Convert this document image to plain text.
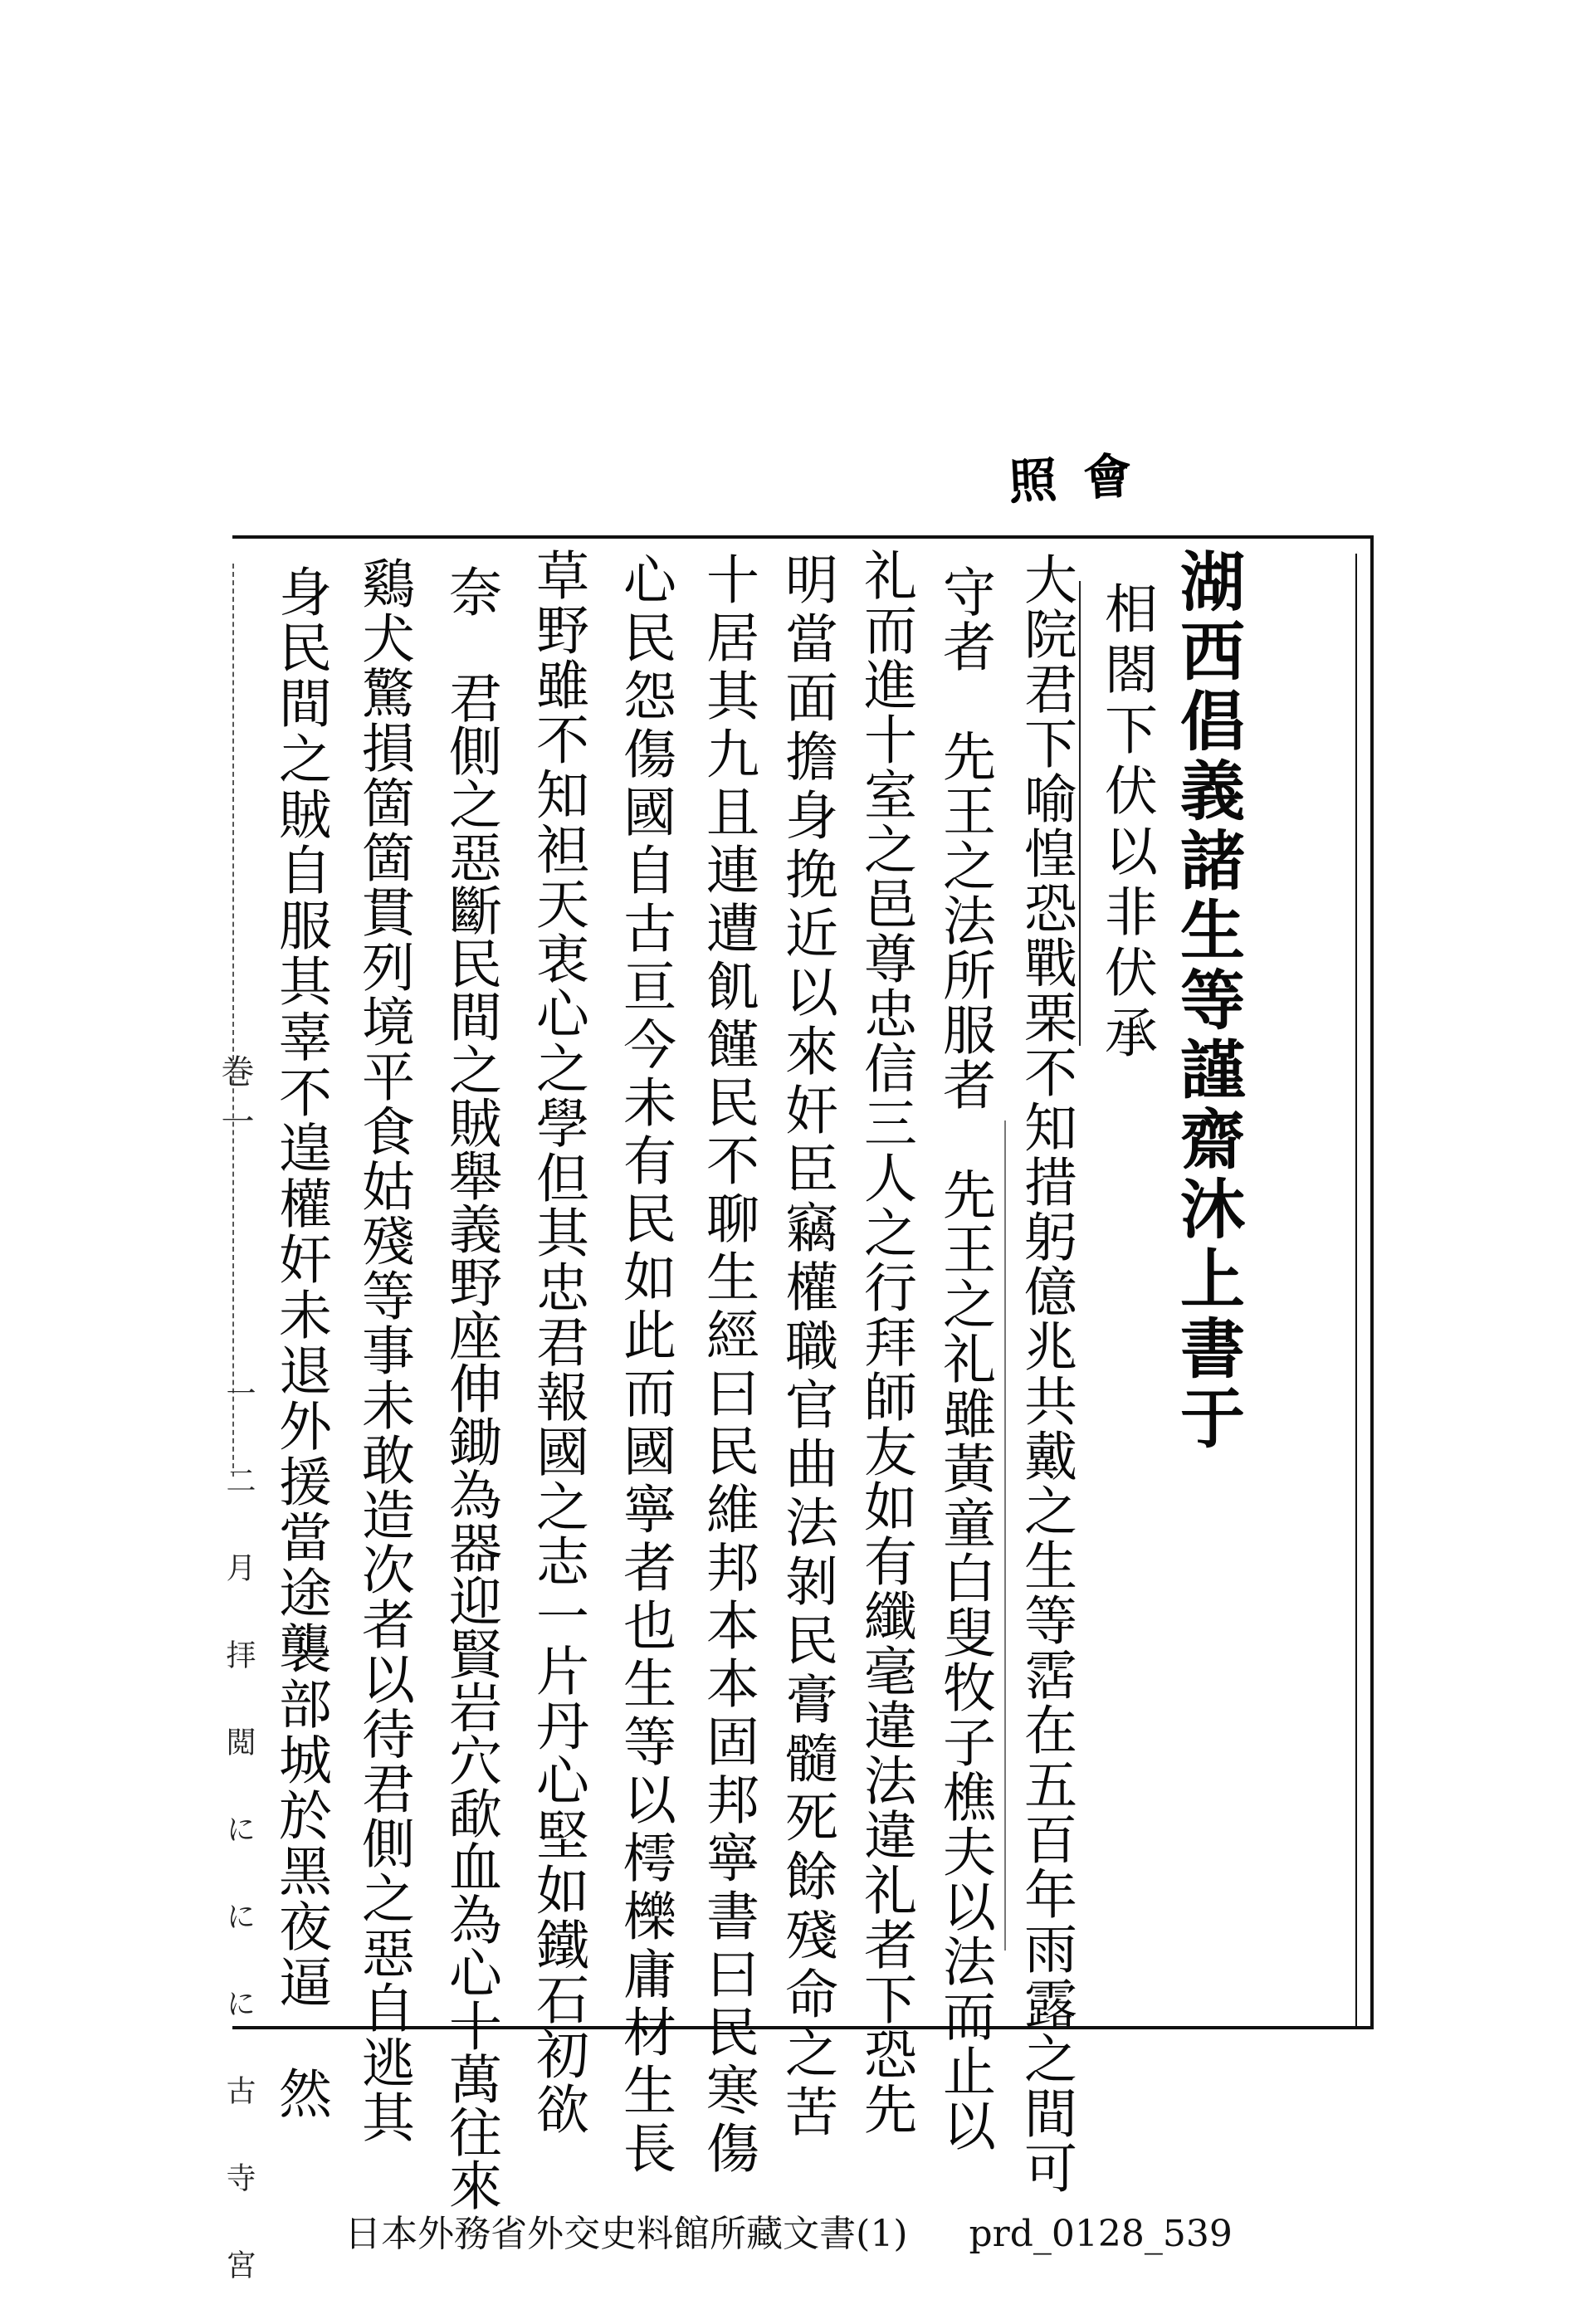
照 會
湖西倡義諸生等謹齋沐上書于
相閤下伏以非伏承
大院君下喻惶恐戰栗不知措躬億兆共戴之生等霑在五百年雨露之間可
守者　先王之法所服者　先王之礼雖黃童白叟牧子樵夫以法而止以
礼而進十室之邑尊忠信三人之行拜師友如有纖毫違法違礼者下恐先
明當面擔身挽近以來奸臣竊權職官曲法剝民膏髓死餘殘命之苦
十居其九且連遭飢饉民不聊生經曰民維邦本本固邦寧書曰民寒傷
心民怨傷國自古亘今未有民如此而國寧者也生等以樗櫟庸材生長
草野雖不知袒天衷心之學但其忠君報國之志一片丹心堅如鐵石初欲
奈　君側之惡斷民間之賊舉義野座伸鋤為器迎賢岩穴歃血為心十萬往來
鷄犬驚損箇箇貫列境平食姑殘等事未敢造次者以待君側之惡自逃其
身民間之賊自服其辜不遑權奸未退外援當途襲部城於黑夜逼　然
巻一
一 二 月 拝 閲 に に に 古 寺 宮	日本外務省外交史料館所藏文書(1) prd_0128_539
